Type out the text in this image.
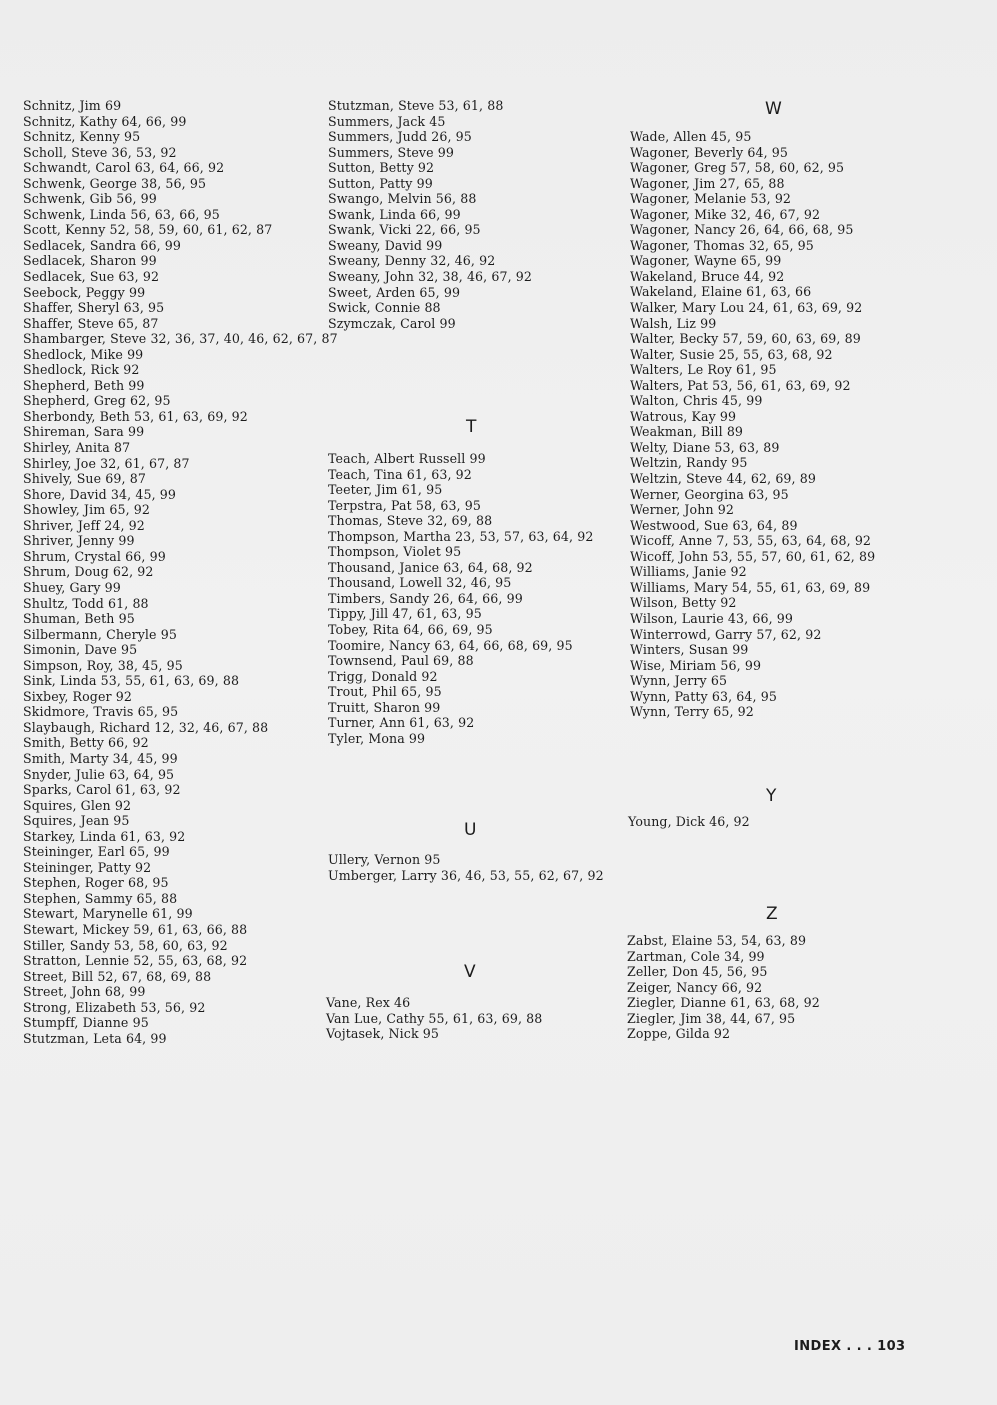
Schnitz, Jim 69
Schnitz, Kathy 64, 66, 99
Schnitz, Kenny 95
Scholl, Steve 36, 53, 92
Schwandt, Carol 63, 64, 66, 92
Schwenk, George 38, 56, 95
Schwenk, Gib 56, 99
Schwenk, Linda 56, 63, 66, 95
Scott, Kenny 52, 58, 59, 60, 61, 62, 87
Sedlacek, Sandra 66, 99
Sedlacek, Sharon 99
Sedlacek, Sue 63, 92
Seebock, Peggy 99
Shaffer, Sheryl 63, 95
Shaffer, Steve 65, 87
Shambarger, Steve 32, 36, 37, 40, 46, 62, 67, 87
Shedlock, Mike 99
Shedlock, Rick 92
Shepherd, Beth 99
Shepherd, Greg 62, 95
Sherbondy, Beth 53, 61, 63, 69, 92
Shireman, Sara 99
Shirley, Anita 87
Shirley, Joe 32, 61, 67, 87
Shively, Sue 69, 87
Shore, David 34, 45, 99
Showley, Jim 65, 92
Shriver, Jeff 24, 92
Shriver, Jenny 99
Shrum, Crystal 66, 99
Shrum, Doug 62, 92
Shuey, Gary 99
Shultz, Todd 61, 88
Shuman, Beth 95
Silbermann, Cheryle 95
Simonin, Dave 95
Simpson, Roy, 38, 45, 95
Sink, Linda 53, 55, 61, 63, 69, 88
Sixbey, Roger 92
Skidmore, Travis 65, 95
Slaybaugh, Richard 12, 32, 46, 67, 88
Smith, Betty 66, 92
Smith, Marty 34, 45, 99
Snyder, Julie 63, 64, 95
Sparks, Carol 61, 63, 92
Squires, Glen 92
Squires, Jean 95
Starkey, Linda 61, 63, 92
Steininger, Earl 65, 99
Steininger, Patty 92
Stephen, Roger 68, 95
Stephen, Sammy 65, 88
Stewart, Marynelle 61, 99
Stewart, Mickey 59, 61, 63, 66, 88
Stiller, Sandy 53, 58, 60, 63, 92
Stratton, Lennie 52, 55, 63, 68, 92
Street, Bill 52, 67, 68, 69, 88
Street, John 68, 99
Strong, Elizabeth 53, 56, 92
Stumpff, Dianne 95
Stutzman, Leta 64, 99
Stutzman, Steve 53, 61, 88
Summers, Jack 45
Summers, Judd 26, 95
Summers, Steve 99
Sutton, Betty 92
Sutton, Patty 99
Swango, Melvin 56, 88
Swank, Linda 66, 99
Swank, Vicki 22, 66, 95
Sweany, David 99
Sweany, Denny 32, 46, 92
Sweany, John 32, 38, 46, 67, 92
Sweet, Arden 65, 99
Swick, Connie 88
Szymczak, Carol 99
T
Teach, Albert Russell 99
Teach, Tina 61, 63, 92
Teeter, Jim 61, 95
Terpstra, Pat 58, 63, 95
Thomas, Steve 32, 69, 88
Thompson, Martha 23, 53, 57, 63, 64, 92
Thompson, Violet 95
Thousand, Janice 63, 64, 68, 92
Thousand, Lowell 32, 46, 95
Timbers, Sandy 26, 64, 66, 99
Tippy, Jill 47, 61, 63, 95
Tobey, Rita 64, 66, 69, 95
Toomire, Nancy 63, 64, 66, 68, 69, 95
Townsend, Paul 69, 88
Trigg, Donald 92
Trout, Phil 65, 95
Truitt, Sharon 99
Turner, Ann 61, 63, 92
Tyler, Mona 99
U
Ullery, Vernon 95
Umberger, Larry 36, 46, 53, 55, 62, 67, 92
V
Vane, Rex 46
Van Lue, Cathy 55, 61, 63, 69, 88
Vojtasek, Nick 95
W
Wade, Allen 45, 95
Wagoner, Beverly 64, 95
Wagoner, Greg 57, 58, 60, 62, 95
Wagoner, Jim 27, 65, 88
Wagoner, Melanie 53, 92
Wagoner, Mike 32, 46, 67, 92
Wagoner, Nancy 26, 64, 66, 68, 95
Wagoner, Thomas 32, 65, 95
Wagoner, Wayne 65, 99
Wakeland, Bruce 44, 92
Wakeland, Elaine 61, 63, 66
Walker, Mary Lou 24, 61, 63, 69, 92
Walsh, Liz 99
Walter, Becky 57, 59, 60, 63, 69, 89
Walter, Susie 25, 55, 63, 68, 92
Walters, Le Roy 61, 95
Walters, Pat 53, 56, 61, 63, 69, 92
Walton, Chris 45, 99
Watrous, Kay 99
Weakman, Bill 89
Welty, Diane 53, 63, 89
Weltzin, Randy 95
Weltzin, Steve 44, 62, 69, 89
Werner, Georgina 63, 95
Werner, John 92
Westwood, Sue 63, 64, 89
Wicoff, Anne 7, 53, 55, 63, 64, 68, 92
Wicoff, John 53, 55, 57, 60, 61, 62, 89
Williams, Janie 92
Williams, Mary 54, 55, 61, 63, 69, 89
Wilson, Betty 92
Wilson, Laurie 43, 66, 99
Winterrowd, Garry 57, 62, 92
Winters, Susan 99
Wise, Miriam 56, 99
Wynn, Jerry 65
Wynn, Patty 63, 64, 95
Wynn, Terry 65, 92
Y
Young, Dick 46, 92
Z
Zabst, Elaine 53, 54, 63, 89
Zartman, Cole 34, 99
Zeller, Don 45, 56, 95
Zeiger, Nancy 66, 92
Ziegler, Dianne 61, 63, 68, 92
Ziegler, Jim 38, 44, 67, 95
Zoppe, Gilda 92
INDEX . . . 103
